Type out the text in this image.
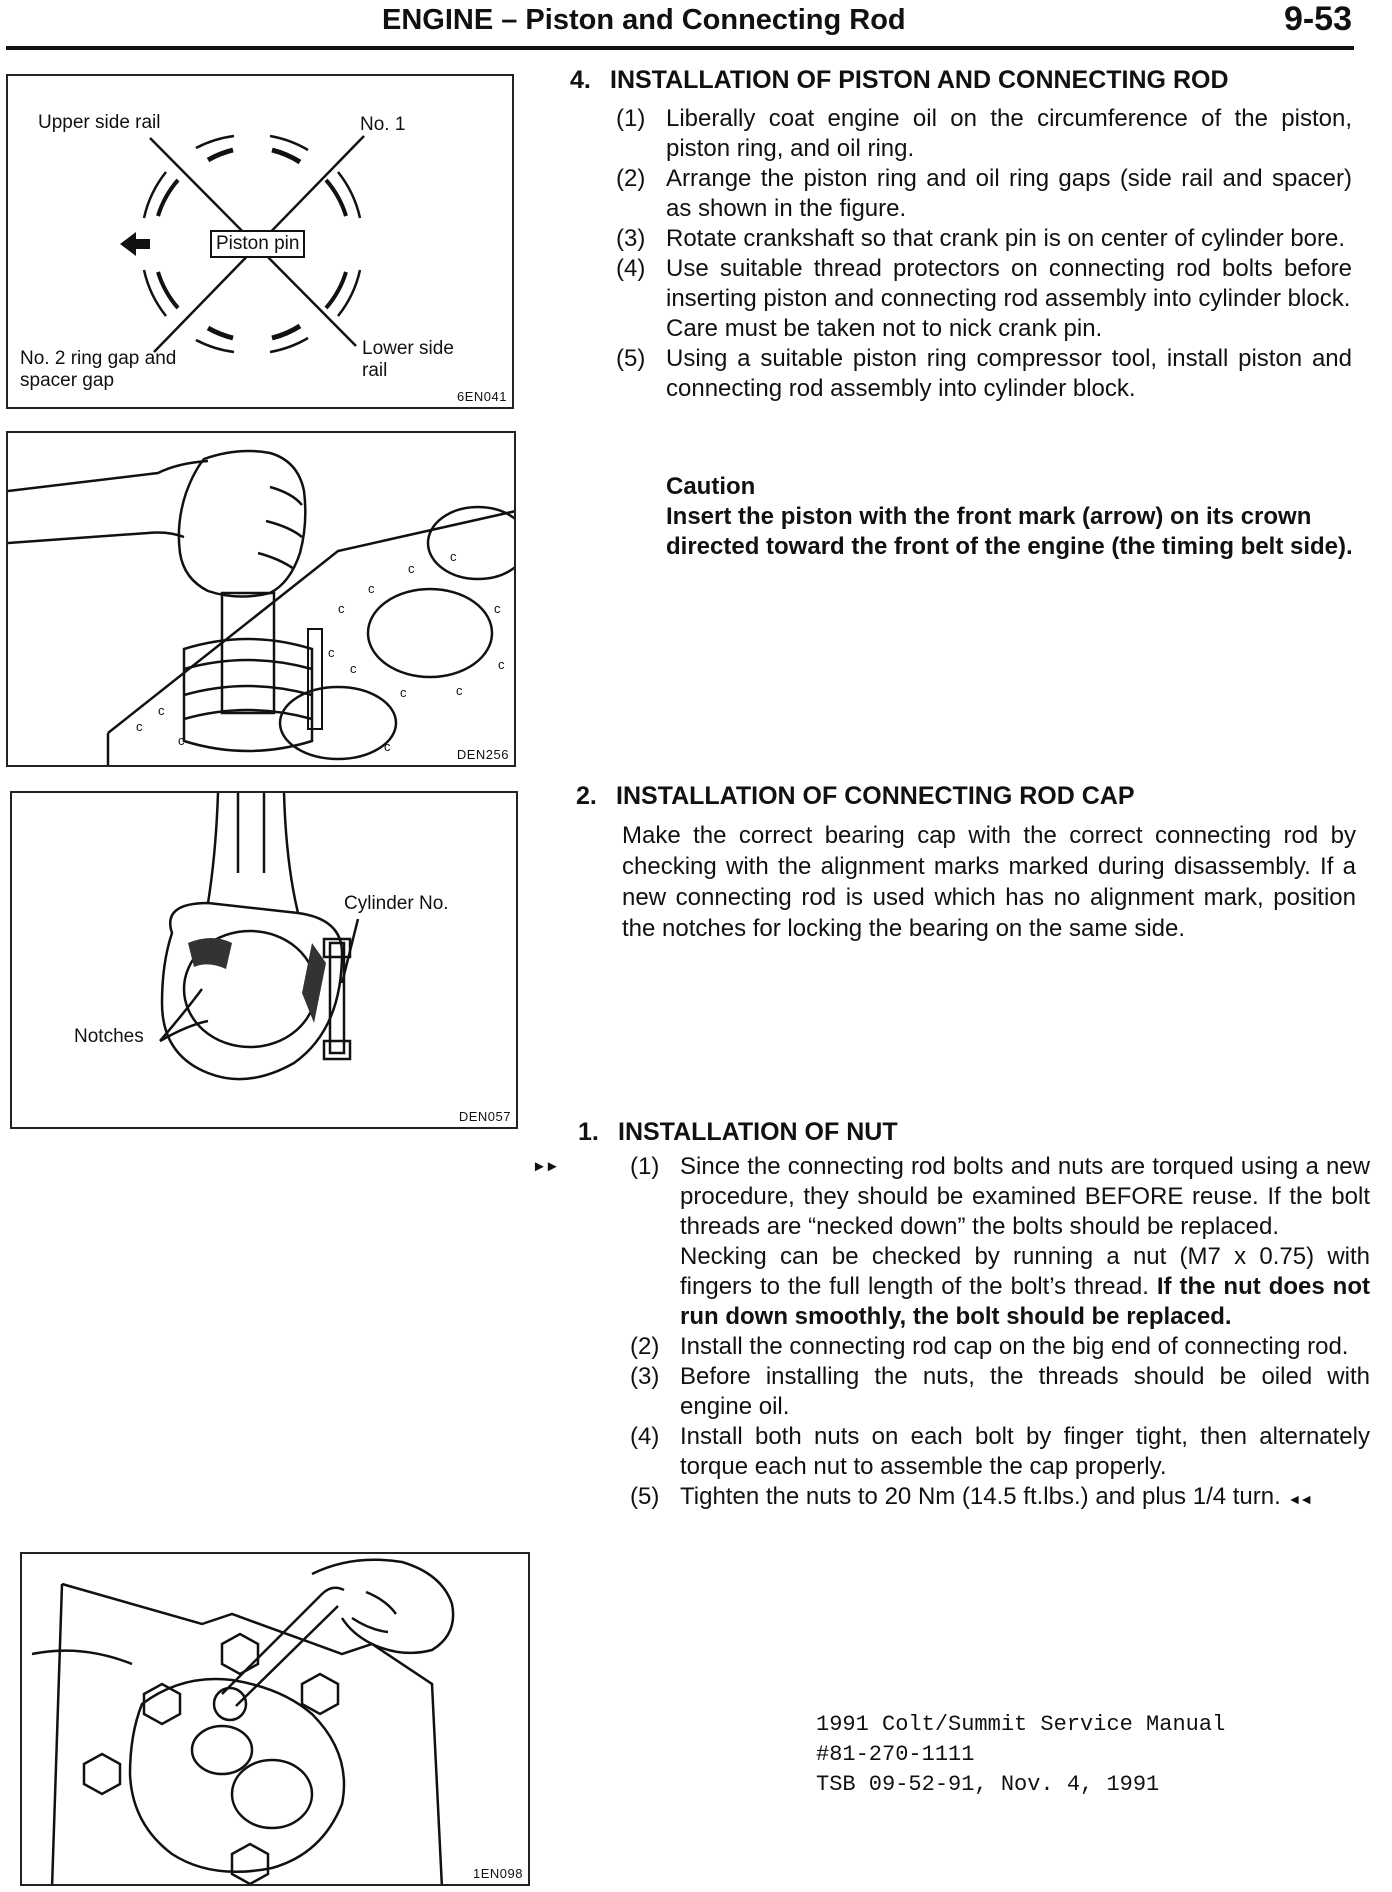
ENGINE – Piston and Connecting Rod	9-53
Upper side rail	No. 1
Piston pin
No. 2 ring gap and spacer gap
Lower side rail
6EN041
c
c
c
c
c
c
c
c
c
c
c
c
c	c
DEN256
Cylinder No.
Notches
DEN057
1EN098
4. INSTALLATION OF PISTON AND CONNECTING ROD
(1) Liberally coat engine oil on the circumference of the piston, piston ring, and oil ring.
(2) Arrange the piston ring and oil ring gaps (side rail and spacer) as shown in the figure.
(3) Rotate crankshaft so that crank pin is on center of cylinder bore.
(4) Use suitable thread protectors on connecting rod bolts before inserting piston and connecting rod assembly into cylinder block.
Care must be taken not to nick crank pin.
(5) Using a suitable piston ring compressor tool, install piston and connecting rod assembly into cylinder block.
Caution
Insert the piston with the front mark (arrow) on its crown directed toward the front of the engine (the timing belt side).
2. INSTALLATION OF CONNECTING ROD CAP
Make the correct bearing cap with the correct connecting rod by checking with the alignment marks marked during disassembly. If a new connecting rod is used which has no alignment mark, position the notches for locking the bearing on the same side.
1. INSTALLATION OF NUT
►►	(1) Since the connecting rod bolts and nuts are torqued using a new procedure, they should be examined BEFORE reuse. If the bolt threads are “necked down” the bolts should be replaced.
Necking can be checked by running a nut (M7 x 0.75) with fingers to the full length of the bolt’s thread. If the nut does not run down smoothly, the bolt should be replaced.
(2) Install the connecting rod cap on the big end of connecting rod.
(3) Before installing the nuts, the threads should be oiled with engine oil.
(4) Install both nuts on each bolt by finger tight, then alternately torque each nut to assemble the cap properly.
(5) Tighten the nuts to 20 Nm (14.5 ft.lbs.) and plus 1/4 turn. ◄◄
1991 Colt/Summit Service Manual
#81-270-1111
TSB 09-52-91, Nov. 4, 1991
